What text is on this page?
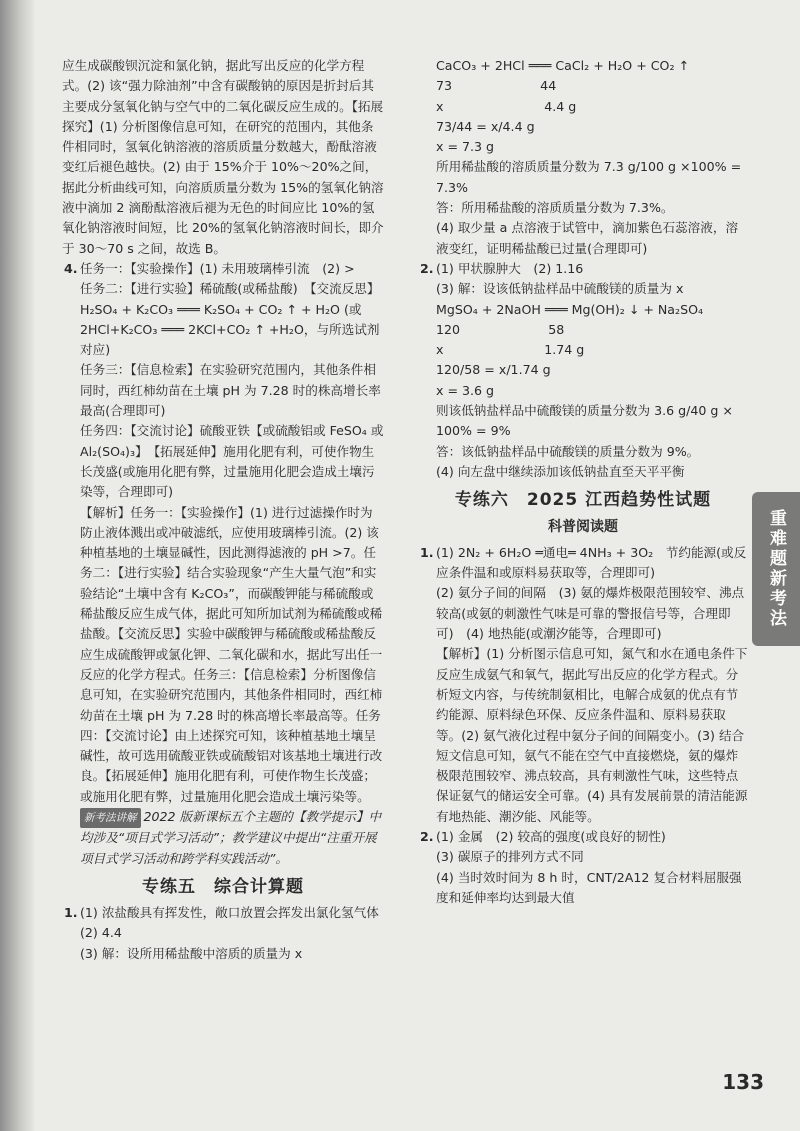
应生成碳酸钡沉淀和氯化钠，据此写出反应的化学方程式。(2) 该“强力除油剂”中含有碳酸钠的原因是折封后其主要成分氢氧化钠与空气中的二氧化碳反应生成的。【拓展探究】(1) 分析图像信息可知，在研究的范围内，其他条件相同时，氢氧化钠溶液的溶质质量分数越大，酚酞溶液变红后褪色越快。(2) 由于 15%介于 10%～20%之间，据此分析曲线可知，向溶质质量分数为 15%的氢氧化钠溶液中滴加 2 滴酚酞溶液后褪为无色的时间应比 10%的氢氧化钠溶液时间短，比 20%的氢氧化钠溶液时间长，即介于 30～70 s 之间，故选 B。

4. 任务一：【实验操作】(1) 未用玻璃棒引流　(2) >

任务二：【进行实验】稀硫酸(或稀盐酸)　【交流反思】H₂SO₄ + K₂CO₃ ═══ K₂SO₄ + CO₂ ↑ + H₂O (或 2HCl+K₂CO₃ ═══ 2KCl+CO₂ ↑ +H₂O，与所选试剂对应)

任务三：【信息检索】在实验研究范围内，其他条件相同时，西红柿幼苗在土壤 pH 为 7.28 时的株高增长率最高(合理即可)

任务四：【交流讨论】硫酸亚铁【或硫酸铝或 FeSO₄ 或 Al₂(SO₄)₃】　【拓展延伸】施用化肥有利，可使作物生长茂盛(或施用化肥有弊，过量施用化肥会造成土壤污染等，合理即可)

【解析】任务一：【实验操作】(1) 进行过滤操作时为防止液体溅出或冲破滤纸，应使用玻璃棒引流。(2) 该种植基地的土壤显碱性，因此测得滤液的 pH >7。任务二：【进行实验】结合实验现象“产生大量气泡”和实验结论“土壤中含有 K₂CO₃”，而碳酸钾能与稀硫酸或稀盐酸反应生成气体，据此可知所加试剂为稀硫酸或稀盐酸。【交流反思】实验中碳酸钾与稀硫酸或稀盐酸反应生成硫酸钾或氯化钾、二氧化碳和水，据此写出任一反应的化学方程式。任务三：【信息检索】分析图像信息可知，在实验研究范围内，其他条件相同时，西红柿幼苗在土壤 pH 为 7.28 时的株高增长率最高等。任务四：【交流讨论】由上述探究可知，该种植基地土壤呈碱性，故可选用硫酸亚铁或硫酸铝对该基地土壤进行改良。【拓展延伸】施用化肥有利，可使作物生长茂盛；或施用化肥有弊，过量施用化肥会造成土壤污染等。

新考法讲解 2022 版新课标五个主题的【教学提示】中均涉及“项目式学习活动”；教学建议中提出“注重开展项目式学习活动和跨学科实践活动”。

专练五　综合计算题

1. (1) 浓盐酸具有挥发性，敞口放置会挥发出氯化氢气体　(2) 4.4

(3) 解：设所用稀盐酸中溶质的质量为 x

CaCO₃ + 2HCl ═══ CaCl₂ + H₂O + CO₂ ↑

73　　　　　　　44

x　　　　　　　　4.4 g

73/44 = x/4.4 g

x = 7.3 g

所用稀盐酸的溶质质量分数为 7.3 g/100 g ×100% = 7.3%

答：所用稀盐酸的溶质质量分数为 7.3%。

(4) 取少量 a 点溶液于试管中，滴加紫色石蕊溶液，溶液变红，证明稀盐酸已过量(合理即可)

2. (1) 甲状腺肿大　(2) 1.16

(3) 解：设该低钠盐样品中硫酸镁的质量为 x

MgSO₄ + 2NaOH ═══ Mg(OH)₂ ↓ + Na₂SO₄

120　　　　　　　58

x　　　　　　　　1.74 g

120/58 = x/1.74 g

x = 3.6 g

则该低钠盐样品中硫酸镁的质量分数为 3.6 g/40 g × 100% = 9%

答：该低钠盐样品中硫酸镁的质量分数为 9%。

(4) 向左盘中继续添加该低钠盐直至天平平衡

专练六　2025 江西趋势性试题
科普阅读题

1. (1) 2N₂ + 6H₂O ═通电═ 4NH₃ + 3O₂　节约能源(或反应条件温和或原料易获取等，合理即可)

(2) 氨分子间的间隔　(3) 氨的爆炸极限范围较窄、沸点较高(或氨的刺激性气味是可靠的警报信号等，合理即可)　(4) 地热能(或潮汐能等，合理即可)

【解析】(1) 分析图示信息可知，氮气和水在通电条件下反应生成氨气和氧气，据此写出反应的化学方程式。分析短文内容，与传统制氨相比，电解合成氨的优点有节约能源、原料绿色环保、反应条件温和、原料易获取等。(2) 氨气液化过程中氨分子间的间隔变小。(3) 结合短文信息可知，氨气不能在空气中直接燃烧，氨的爆炸极限范围较窄、沸点较高，具有刺激性气味，这些特点保证氨气的储运安全可靠。(4) 具有发展前景的清洁能源有地热能、潮汐能、风能等。

2. (1) 金属　(2) 较高的强度(或良好的韧性)

(3) 碳原子的排列方式不同

(4) 当时效时间为 8 h 时，CNT/2A12 复合材料屈服强度和延伸率均达到最大值

重难题新考法
133
